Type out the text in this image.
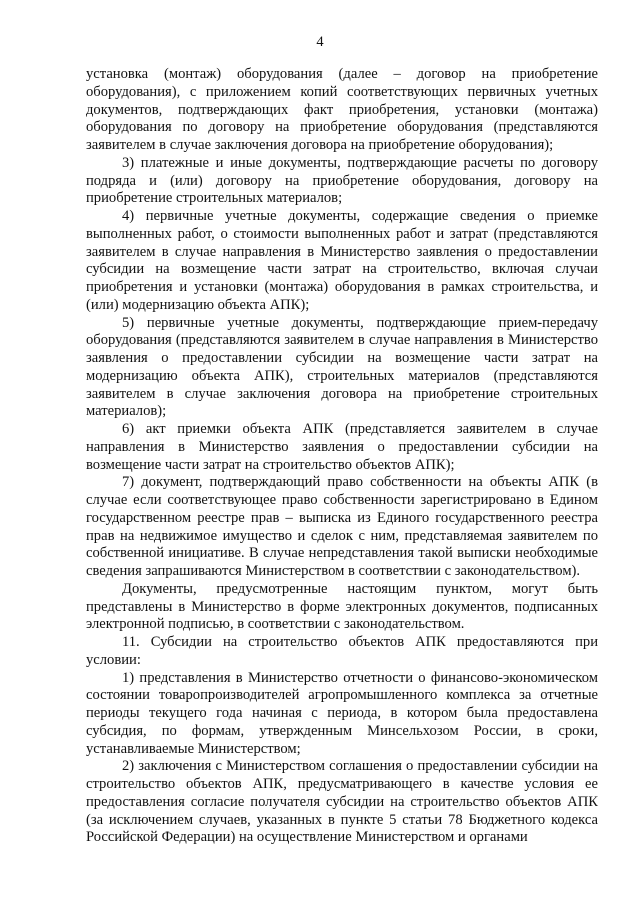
4

установка (монтаж) оборудования (далее – договор на приобретение оборудования), с приложением копий соответствующих первичных учетных документов, подтверждающих факт приобретения, установки (монтажа) оборудования по договору на приобретение оборудования (представляются заявителем в случае заключения договора на приобретение оборудования);

3) платежные и иные документы, подтверждающие расчеты по договору подряда и (или) договору на приобретение оборудования, договору на приобретение строительных материалов;

4) первичные учетные документы, содержащие сведения о приемке выполненных работ, о стоимости выполненных работ и затрат (представляются заявителем в случае направления в Министерство заявления о предоставлении субсидии на возмещение части затрат на строительство, включая случаи приобретения и установки (монтажа) оборудования в рамках строительства, и (или) модернизацию объекта АПК);

5) первичные учетные документы, подтверждающие прием-передачу оборудования (представляются заявителем в случае направления в Министерство заявления о предоставлении субсидии на возмещение части затрат на модернизацию объекта АПК), строительных материалов (представляются заявителем в случае заключения договора на приобретение строительных материалов);

6) акт приемки объекта АПК (представляется заявителем в случае направления в Министерство заявления о предоставлении субсидии на возмещение части затрат на строительство объектов АПК);

7) документ, подтверждающий право собственности на объекты АПК (в случае если соответствующее право собственности зарегистрировано в Едином государственном реестре прав – выписка из Единого государственного реестра прав на недвижимое имущество и сделок с ним, представляемая заявителем по собственной инициативе. В случае непредставления такой выписки необходимые сведения запрашиваются Министерством в соответствии с законодательством).

Документы, предусмотренные настоящим пунктом, могут быть представлены в Министерство в форме электронных документов, подписанных электронной подписью, в соответствии с законодательством.

11. Субсидии на строительство объектов АПК предоставляются при условии:

1) представления в Министерство отчетности о финансово-экономическом состоянии товаропроизводителей агропромышленного комплекса за отчетные периоды текущего года начиная с периода, в котором была предоставлена субсидия, по формам, утвержденным Минсельхозом России, в сроки, устанавливаемые Министерством;

2) заключения с Министерством соглашения о предоставлении субсидии на строительство объектов АПК, предусматривающего в качестве условия ее предоставления согласие получателя субсидии на строительство объектов АПК (за исключением случаев, указанных в пункте 5 статьи 78 Бюджетного кодекса Российской Федерации) на осуществление Министерством и органами
